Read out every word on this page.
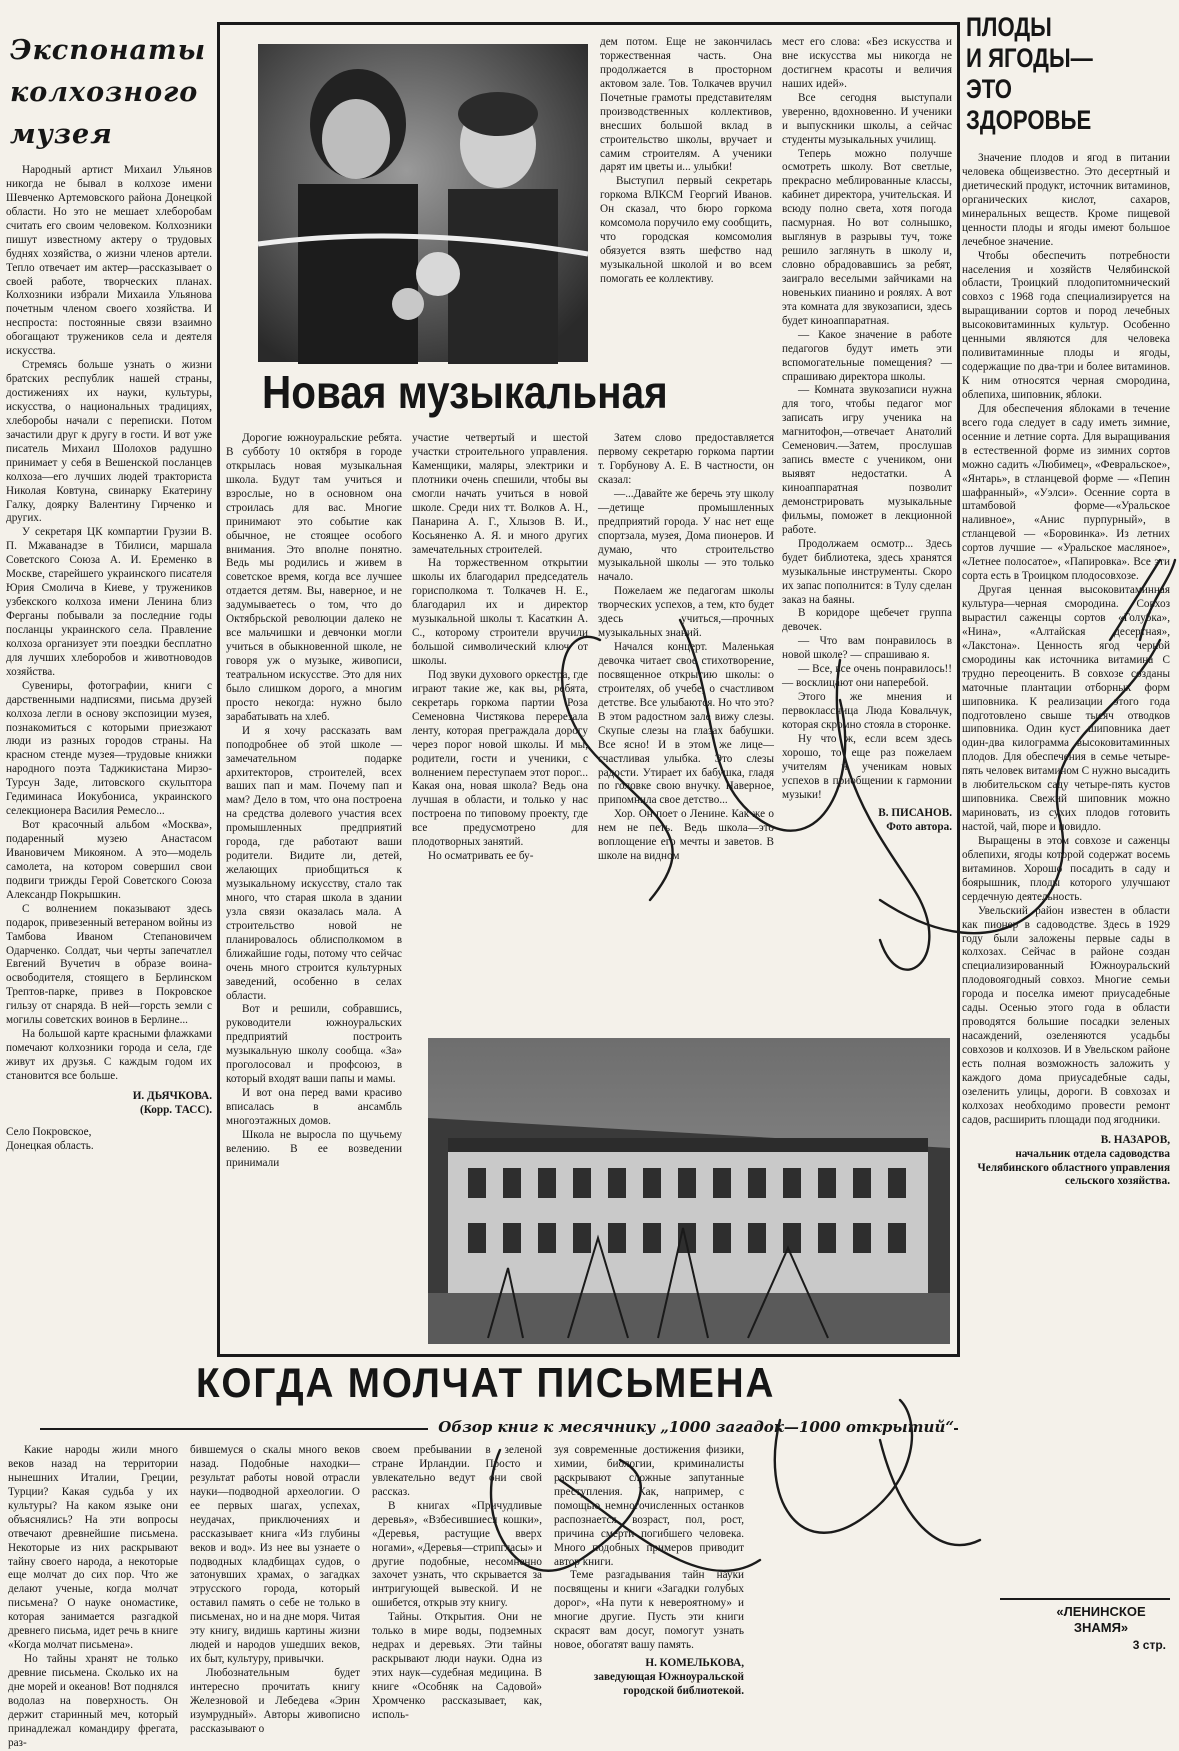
Экспонаты
колхозного
музея

Народный артист Михаил Ульянов никогда не бывал в колхозе имени Шевченко Артемовского района Донецкой области. Но это не мешает хлеборобам считать его своим человеком. Колхозники пишут известному актеру о трудовых буднях хозяйства, о жизни членов артели. Тепло отвечает им актер—рассказывает о своей работе, творческих планах. Колхозники избрали Михаила Ульянова почетным членом своего хозяйства. И неспроста: постоянные связи взаимно обогащают тружеников села и деятеля искусства.

Стремясь больше узнать о жизни братских республик нашей страны, достижениях их науки, культуры, искусства, о национальных традициях, хлеборобы начали с переписки. Потом зачастили друг к другу в гости. И вот уже писатель Михаил Шолохов радушно принимает у себя в Вешенской посланцев колхоза—его лучших людей тракториста Николая Ковтуна, свинарку Екатерину Галку, доярку Валентину Гирченко и других.

У секретаря ЦК компартии Грузии В. П. Мжаванадзе в Тбилиси, маршала Советского Союза А. И. Еременко в Москве, старейшего украинского писателя Юрия Смолича в Киеве, у тружеников узбекского колхоза имени Ленина близ Ферганы побывали за последние годы посланцы украинского села. Правление колхоза организует эти поездки бесплатно для лучших хлеборобов и животноводов хозяйства.

Сувениры, фотографии, книги с дарственными надписями, письма друзей колхоза легли в основу экспозиции музея, познакомиться с которыми приезжают люди из разных городов страны. На красном стенде музея—трудовые книжки народного поэта Таджикистана Мирзо-Турсун Заде, литовского скульптора Гедиминаса Иокубониса, украинского селекционера Василия Ремесло...

Вот красочный альбом «Москва», подаренный музею Анастасом Ивановичем Микояном. А это—модель самолета, на котором совершил свои подвиги трижды Герой Советского Союза Александр Покрышкин.

С волнением показывают здесь подарок, привезенный ветераном войны из Тамбова Иваном Степановичем Одарченко. Солдат, чьи черты запечатлел Евгений Вучетич в образе воина-освободителя, стоящего в Берлинском Трептов-парке, привез в Покровское гильзу от снаряда. В ней—горсть земли с могилы советских воинов в Берлине...

На большой карте красными флажками помечают колхозники города и села, где живут их друзья. С каждым годом их становится все больше.

И. ДЬЯЧКОВА.
(Корр. ТАСС).
Село Покровское, Донецкая область.

дем потом. Еще не закончилась торжественная часть. Она продолжается в просторном актовом зале. Тов. Толкачев вручил Почетные грамоты представителям производственных коллективов, внесших большой вклад в строительство школы, вручает и самим строителям. А ученики дарят им цветы и... улыбки!

Выступил первый секретарь горкома ВЛКСМ Георгий Иванов. Он сказал, что бюро горкома комсомола поручило ему сообщить, что городская комсомолия обязуется взять шефство над музыкальной школой и во всем помогать ее коллективу.

мест его слова: «Без искусства и вне искусства мы никогда не достигнем красоты и величия наших идей».

Все сегодня выступали уверенно, вдохновенно. И ученики и выпускники школы, а сейчас студенты музыкальных училищ.

Теперь можно получше осмотреть школу. Вот светлые, прекрасно меблированные классы, кабинет директора, учительская. И всюду полно света, хотя погода пасмурная. Но вот солнышко, выглянув в разрывы туч, тоже решило заглянуть в школу и, словно обрадовавшись за ребят, заиграло веселыми зайчиками на новеньких пианино и роялях. А вот эта комната для звукозаписи, здесь будет киноаппаратная.

— Какое значение в работе педагогов будут иметь эти вспомогательные помещения? — спрашиваю директора школы.

— Комната звукозаписи нужна для того, чтобы педагог мог записать игру ученика на магнитофон,—отвечает Анатолий Семенович.—Затем, прослушав запись вместе с учеником, они выявят недостатки. А киноаппаратная позволит демонстрировать музыкальные фильмы, поможет в лекционной работе.

Продолжаем осмотр... Здесь будет библиотека, здесь хранятся музыкальные инструменты. Скоро их запас пополнится: в Тулу сделан заказ на баяны.

В коридоре щебечет группа девочек.

— Что вам понравилось в новой школе? — спрашиваю я.

— Все, все очень понравилось!! — восклицают они наперебой.

Этого же мнения и первоклассница Люда Ковальчук, которая скромно стояла в сторонке.

Ну что ж, если всем здесь хорошо, то еще раз пожелаем учителям и ученикам новых успехов в приобщении к гармонии музыки!

В. ПИСАНОВ.
Фото автора.
Новая музыкальная

Дорогие южноуральские ребята. В субботу 10 октября в городе открылась новая музыкальная школа. Будут там учиться и взрослые, но в основном она строилась для вас. Многие принимают это событие как обычное, не стоящее особого внимания. Это вполне понятно. Ведь мы родились и живем в советское время, когда все лучшее отдается детям. Вы, наверное, и не задумываетесь о том, что до Октябрьской революции далеко не все мальчишки и девчонки могли учиться в обыкновенной школе, не говоря уж о музыке, живописи, театральном искусстве. Это для них было слишком дорого, а многим просто некогда: нужно было зарабатывать на хлеб.

И я хочу рассказать вам поподробнее об этой школе — замечательном подарке архитекторов, строителей, всех ваших пап и мам. Почему пап и мам? Дело в том, что она построена на средства долевого участия всех промышленных предприятий города, где работают ваши родители. Видите ли, детей, желающих приобщиться к музыкальному искусству, стало так много, что старая школа в здании узла связи оказалась мала. А строительство новой не планировалось облисполкомом в ближайшие годы, потому что сейчас очень много строится культурных заведений, особенно в селах области.

Вот и решили, собравшись, руководители южноуральских предприятий построить музыкальную школу сообща. «За» проголосовал и профсоюз, в который входят ваши папы и мамы.

И вот она перед вами красиво вписалась в ансамбль многоэтажных домов.

Школа не выросла по щучьему велению. В ее возведении принимали

участие четвертый и шестой участки строительного управления. Каменщики, маляры, электрики и плотники очень спешили, чтобы вы смогли начать учиться в новой школе. Среди них тт. Волков А. Н., Панарина А. Г., Хлызов В. И., Косьяненко А. Я. и много других замечательных строителей.

На торжественном открытии школы их благодарил председатель горисполкома т. Толкачев Н. Е., благодарил их и директор музыкальной школы т. Касаткин А. С., которому строители вручили большой символический ключ от школы.

Под звуки духового оркестра, где играют такие же, как вы, ребята, секретарь горкома партии Роза Семеновна Чистякова перерезала ленту, которая преграждала дорогу через порог новой школы. И мы, родители, гости и ученики, с волнением переступаем этот порог... Какая она, новая школа? Ведь она лучшая в области, и только у нас построена по типовому проекту, где все предусмотрено для плодотворных занятий.

Но осматривать ее бу-

Затем слово предоставляется первому секретарю горкома партии т. Горбунову А. Е. В частности, он сказал:

—...Давайте же беречь эту школу—детище промышленных предприятий города. У нас нет еще спортзала, музея, Дома пионеров. И думаю, что строительство музыкальной школы — это только начало.

Пожелаем же педагогам школы творческих успехов, а тем, кто будет здесь учиться,—прочных музыкальных знаний.

Начался концерт. Маленькая девочка читает свое стихотворение, посвященное открытию школы: о строителях, об учебе, о счастливом детстве. Все улыбаются. Но что это? В этом радостном зале вижу слезы. Скупые слезы на глазах бабушки. Все ясно! И в этом же лице—счастливая улыбка. Это слезы радости. Утирает их бабушка, гладя по головке свою внучку. Наверное, припомнила свое детство...

Хор. Он поет о Ленине. Как же о нем не петь. Ведь школа—это воплощение его мечты и заветов. В школе на видном

ПЛОДЫ
И ЯГОДЫ—
ЭТО
ЗДОРОВЬЕ

Значение плодов и ягод в питании человека общеизвестно. Это десертный и диетический продукт, источник витаминов, органических кислот, сахаров, минеральных веществ. Кроме пищевой ценности плоды и ягоды имеют большое лечебное значение.

Чтобы обеспечить потребности населения и хозяйств Челябинской области, Троицкий плодопитомнический совхоз с 1968 года специализируется на выращивании сортов и пород лечебных высоковитаминных культур. Особенно ценными являются для человека поливитаминные плоды и ягоды, содержащие по два-три и более витаминов. К ним относятся черная смородина, облепиха, шиповник, яблоки.

Для обеспечения яблоками в течение всего года следует в саду иметь зимние, осенние и летние сорта. Для выращивания в естественной форме из зимних сортов можно садить «Любимец», «Февральское», «Янтарь», в стланцевой форме — «Пепин шафранный», «Уэлси». Осенние сорта в штамбовой форме—«Уральское наливное», «Анис пурпурный», в стланцевой — «Боровинка». Из летних сортов лучшие — «Уральское масляное», «Летнее полосатое», «Папировка». Все эти сорта есть в Троицком плодосовхозе.

Другая ценная высоковитаминная культура—черная смородина. Совхоз вырастил саженцы сортов «Голубка», «Нина», «Алтайская десертная», «Лакстона». Ценность ягод черной смородины как источника витамина С трудно переоценить. В совхозе созданы маточные плантации отборных форм шиповника. К реализации этого года подготовлено свыше тысяч отводков шиповника. Один куст шиповника дает один-два килограмма высоковитаминных плодов. Для обеспечения в семье четыре-пять человек витамином С нужно высадить в любительском саду четыре-пять кустов шиповника. Свежий шиповник можно мариновать, из сухих плодов готовить настой, чай, пюре и повидло.

Выращены в этом совхозе и саженцы облепихи, ягоды которой содержат восемь витаминов. Хорошо посадить в саду и боярышник, плоды которого улучшают сердечную деятельность.

Увельский район известен в области как пионер в садоводстве. Здесь в 1929 году были заложены первые сады в колхозах. Сейчас в районе создан специализированный Южноуральский плодовоягодный совхоз. Многие семьи города и поселка имеют приусадебные сады. Осенью этого года в области проводятся большие посадки зеленых насаждений, озеленяются усадьбы совхозов и колхозов. И в Увельском районе есть полная возможность заложить у каждого дома приусадебные сады, озеленить улицы, дороги. В совхозах и колхозах необходимо провести ремонт садов, расширить площади под ягодники.

В. НАЗАРОВ,
начальник отдела садоводства Челябинского областного управления сельского хозяйства.
КОГДА МОЛЧАТ ПИСЬМЕНА
Обзор книг к месячнику „1000 загадок—1000 открытий“

Какие народы жили много веков назад на территории нынешних Италии, Греции, Турции? Какая судьба у их культуры? На каком языке они объяснялись? На эти вопросы отвечают древнейшие письмена. Некоторые из них раскрывают тайну своего народа, а некоторые еще молчат до сих пор. Что же делают ученые, когда молчат письмена? О науке ономастике, которая занимается разгадкой древнего письма, идет речь в книге «Когда молчат письмена».

Но тайны хранят не только древние письмена. Сколько их на дне морей и океанов! Вот поднялся водолаз на поверхность. Он держит старинный меч, который принадлежал командиру фрегата, раз-

бившемуся о скалы много веков назад. Подобные находки—результат работы новой отрасли науки—подводной археологии. О ее первых шагах, успехах, неудачах, приключениях и рассказывает книга «Из глубины веков и вод». Из нее вы узнаете о подводных кладбищах судов, о затонувших храмах, о загадках этрусского города, который оставил память о себе не только в письменах, но и на дне моря. Читая эту книгу, видишь картины жизни людей и народов ушедших веков, их быт, культуру, привычки.

Любознательным будет интересно прочитать книгу Железновой и Лебедева «Эрин изумрудный». Авторы живописно рассказывают о

своем пребывании в зеленой стране Ирландии. Просто и увлекательно ведут они свой рассказ.

В книгах «Причудливые деревья», «Взбесившиеся кошки», «Деревья, растущие вверх ногами», «Деревья—стрипгласы» и другие подобные, несомненно захочет узнать, что скрывается за интригующей вывеской. И не ошибется, открыв эту книгу.

Тайны. Открытия. Они не только в мире воды, подземных недрах и деревьях. Эти тайны раскрывают люди науки. Одна из этих наук—судебная медицина. В книге «Особняк на Садовой» Хромченко рассказывает, как, исполь-

зуя современные достижения физики, химии, биологии, криминалисты раскрывают сложные запутанные преступления. Как, например, с помощью немногочисленных останков распознается возраст, пол, рост, причина смерти погибшего человека. Много подобных примеров приводит автор книги.

Теме разгадывания тайн науки посвящены и книги «Загадки голубых дорог», «На пути к невероятному» и многие другие. Пусть эти книги скрасят вам досуг, помогут узнать новое, обогатят вашу память.

Н. КОМЕЛЬКОВА,
заведующая Южноуральской городской библиотекой.
«ЛЕНИНСКОЕ ЗНАМЯ»
3 стр.
